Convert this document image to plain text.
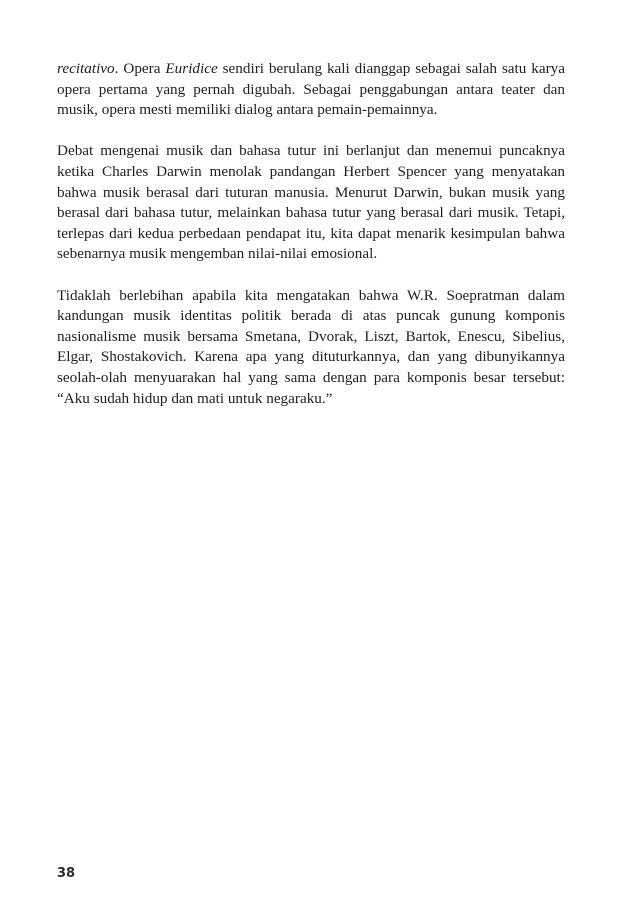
recitativo. Opera Euridice sendiri berulang kali dianggap sebagai salah satu karya opera pertama yang pernah digubah. Sebagai penggabungan antara teater dan musik, opera mesti memiliki dialog antara pemain-pemainnya.

Debat mengenai musik dan bahasa tutur ini berlanjut dan menemui puncaknya ketika Charles Darwin menolak pandangan Herbert Spencer yang menyatakan bahwa musik berasal dari tuturan manusia. Menurut Darwin, bukan musik yang berasal dari bahasa tutur, melainkan bahasa tutur yang berasal dari musik. Tetapi, terlepas dari kedua perbedaan pendapat itu, kita dapat menarik kesimpulan bahwa sebenarnya musik mengemban nilai-nilai emosional.

Tidaklah berlebihan apabila kita mengatakan bahwa W.R. Soepratman dalam kandungan musik identitas politik berada di atas puncak gunung komponis nasionalisme musik bersama Smetana, Dvorak, Liszt, Bartok, Enescu, Sibelius, Elgar, Shostakovich. Karena apa yang dituturkannya, dan yang dibunyikannya seolah-olah menyuarakan hal yang sama dengan para komponis besar tersebut: “Aku sudah hidup dan mati untuk negaraku.”

38
